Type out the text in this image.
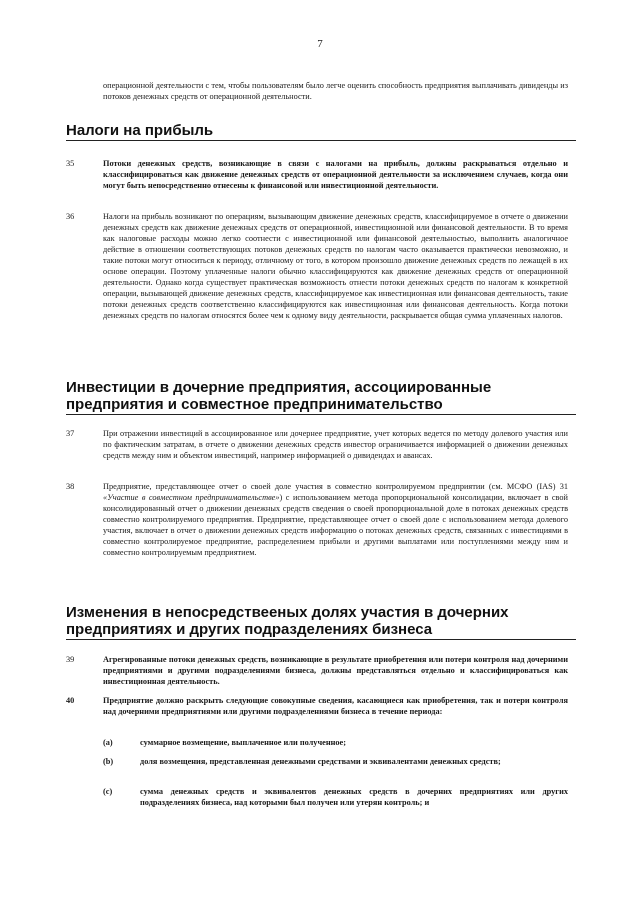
7
операционной деятельности с тем, чтобы пользователям было легче оценить способность предприятия выплачивать дивиденды из потоков денежных средств от операционной деятельности.
Налоги на прибыль
35	Потоки денежных средств, возникающие в связи с налогами на прибыль, должны раскрываться отдельно и классифицироваться как движение денежных средств от операционной деятельности за исключением случаев, когда они могут быть непосредственно отнесены к финансовой или инвестиционной деятельности.
36	Налоги на прибыль возникают по операциям, вызывающим движение денежных средств, классифицируемое в отчете о движении денежных средств как движение денежных средств от операционной, инвестиционной или финансовой деятельности. В то время как налоговые расходы можно легко соотнести с инвестиционной или финансовой деятельностью, выполнить аналогичное действие в отношении соответствующих потоков денежных средств по налогам часто оказывается практически невозможно, и такие потоки могут относиться к периоду, отличному от того, в котором произошло движение денежных средств по лежащей в их основе операции. Поэтому уплаченные налоги обычно классифицируются как движение денежных средств от операционной деятельности. Однако когда существует практическая возможность отнести потоки денежных средств по налогам к конкретной операции, вызывающей движение денежных средств, классифицируемое как инвестиционная или финансовая деятельность, такие потоки денежных средств соответственно классифицируются как инвестиционная или финансовая деятельность. Когда потоки денежных средств по налогам относятся более чем к одному виду деятельности, раскрывается общая сумма уплаченных налогов.
Инвестиции в дочерние предприятия, ассоциированные предприятия и совместное предпринимательство
37	При отражении инвестиций в ассоциированное или дочернее предприятие, учет которых ведется по методу долевого участия или по фактическим затратам, в отчете о движении денежных средств инвестор ограничивается информацией о движении денежных средств между ним и объектом инвестиций, например информацией о дивидендах и авансах.
38	Предприятие, представляющее отчет о своей доле участия в совместно контролируемом предприятии (см. МСФО (IAS) 31 «Участие в совместном предпринимательстве») с использованием метода пропорциональной консолидации, включает в свой консолидированный отчет о движении денежных средств сведения о своей пропорциональной доле в потоках денежных средств совместно контролируемого предприятия. Предприятие, представляющее отчет о своей доле с использованием метода долевого участия, включает в отчет о движении денежных средств информацию о потоках денежных средств, связанных с инвестициями в совместно контролируемое предприятие, распределением прибыли и другими выплатами или поступлениями между ним и совместно контролируемым предприятием.
Изменения в непосредствееных долях участия в дочерних предприятиях и других подразделениях бизнеса
39	Агрегированные потоки денежных средств, возникающие в результате приобретения или потери контроля над дочерними предприятиями и другими подразделениями бизнеса, должны представляться отдельно и классифицироваться как инвестиционная деятельность.
40	Предприятие должно раскрыть следующие совокупные сведения, касающиеся как приобретения, так и потери контроля над дочерними предприятиями или другими подразделениями бизнеса в течение периода:
(a)	суммарное возмещение, выплаченное или полученное;
(b)	доля возмещения, представленная денежными средствами и эквивалентами денежных средств;
(c)	сумма денежных средств и эквивалентов денежных средств в дочерних предприятиях или других подразделениях бизнеса, над которыми был получен или утерян контроль; и
